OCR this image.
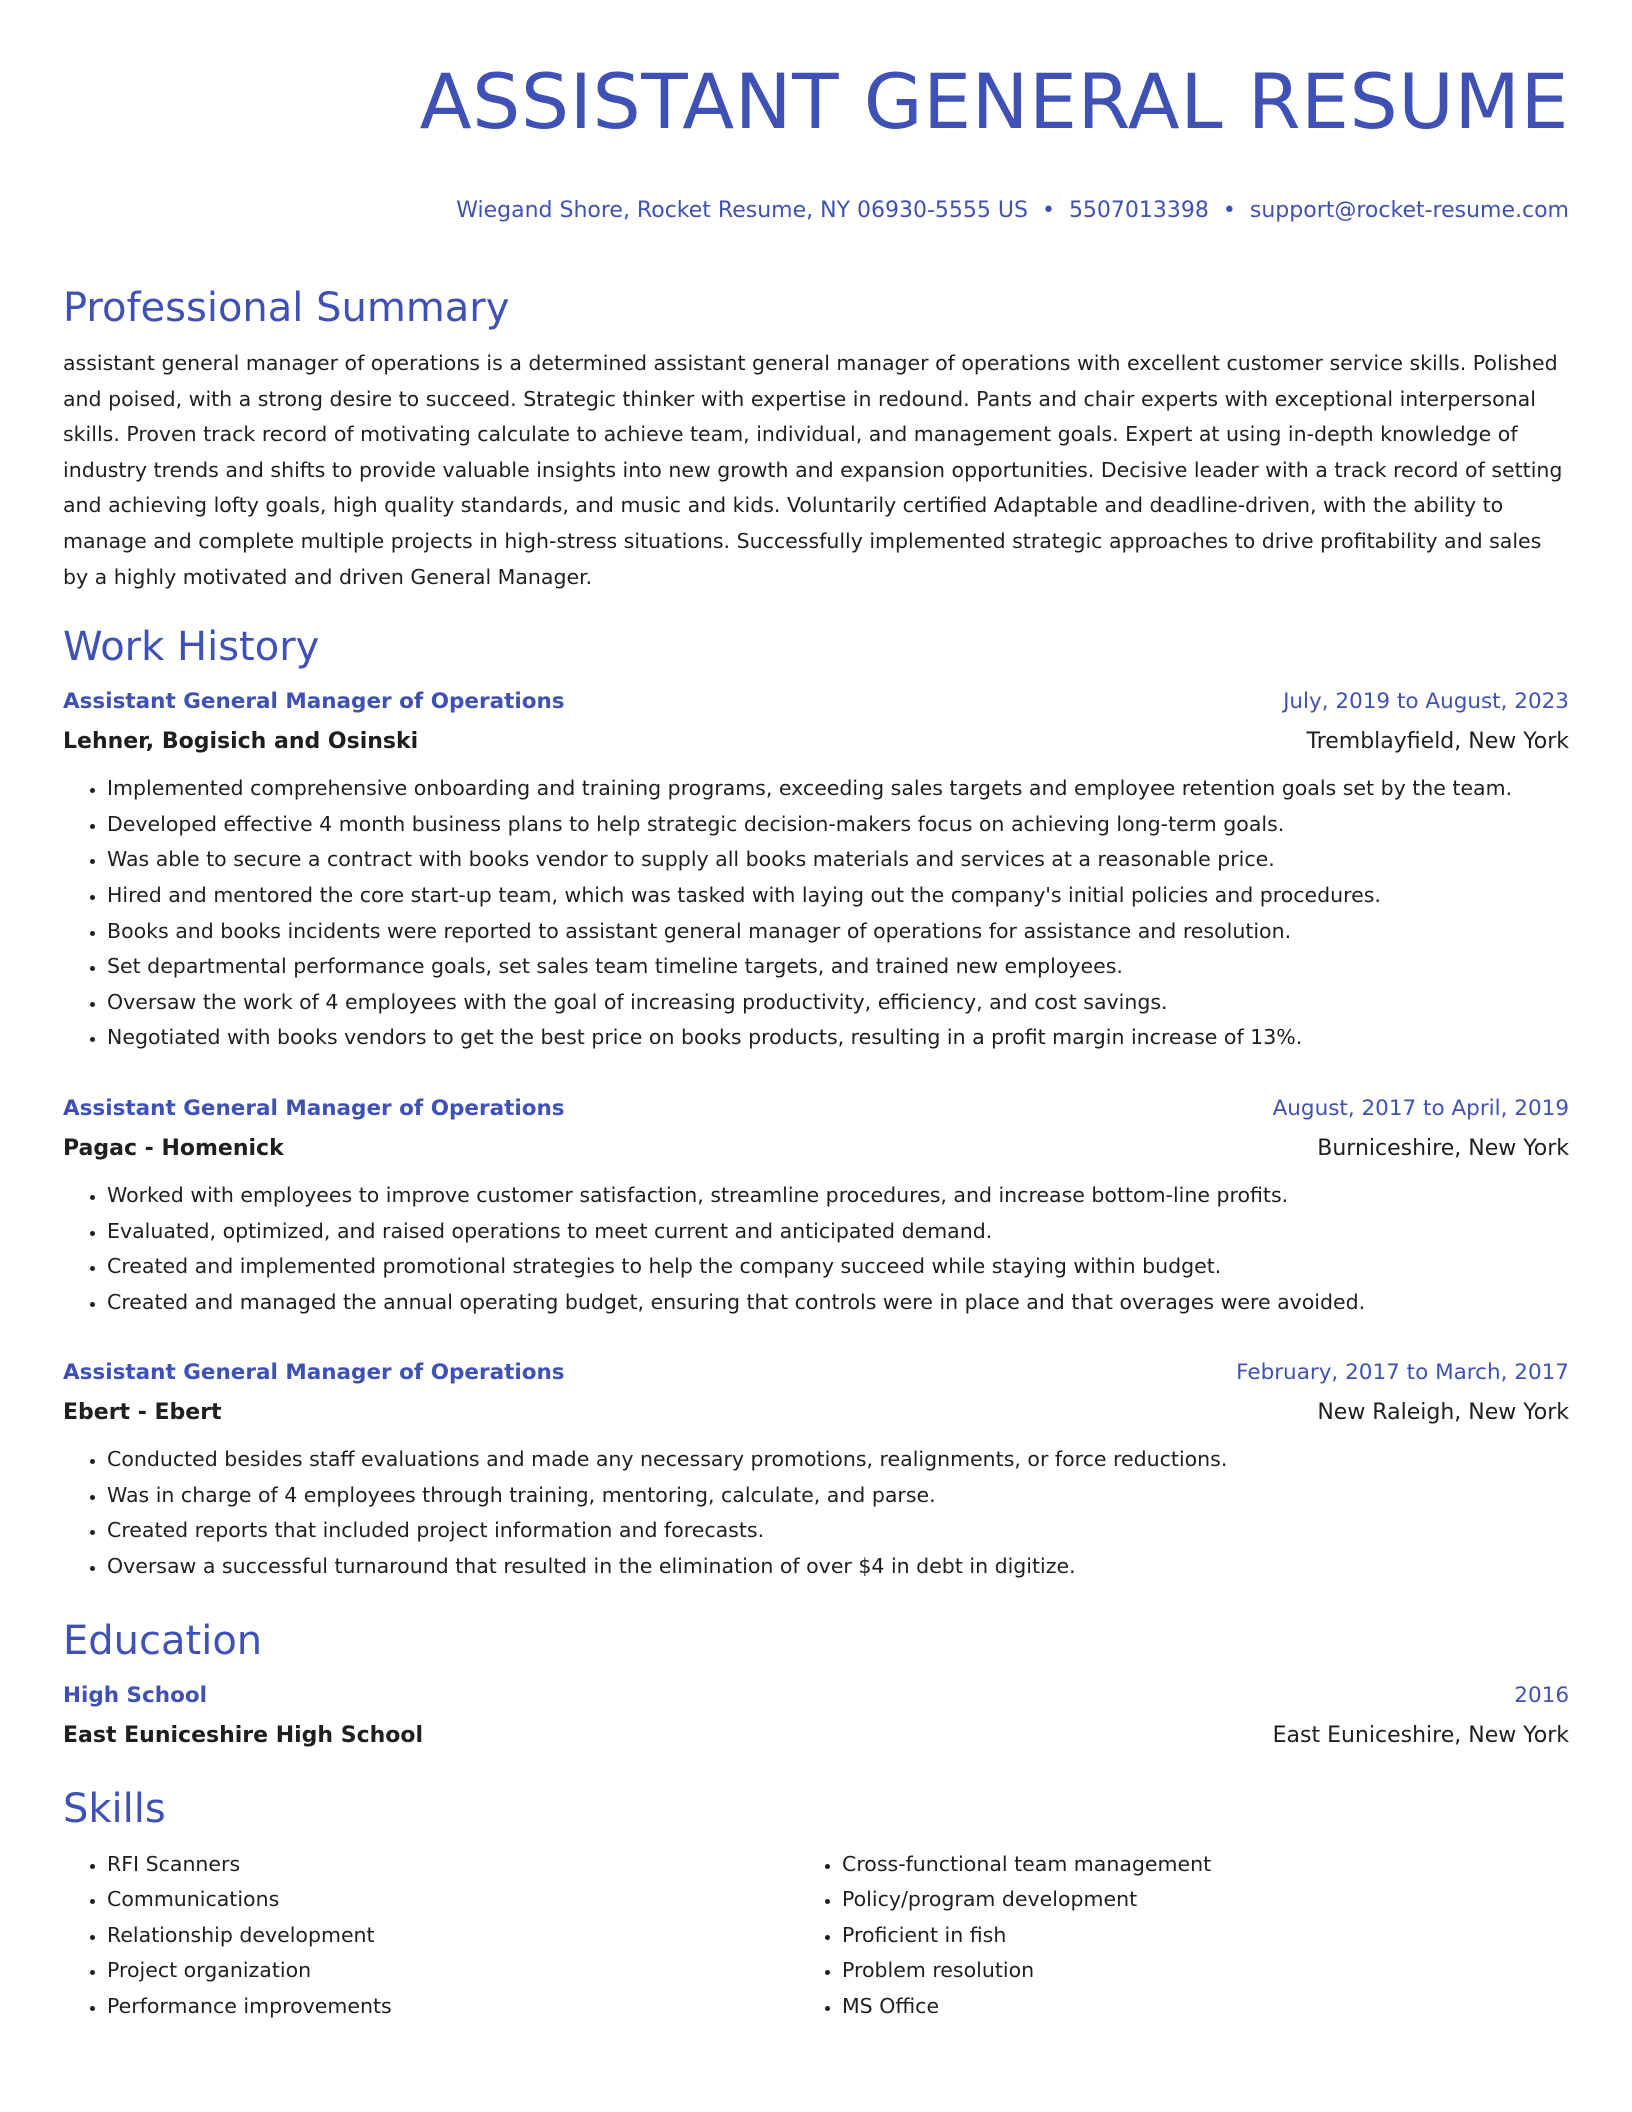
ASSISTANT GENERAL RESUME
Wiegand Shore, Rocket Resume, NY 06930-5555 US • 5507013398 • support@rocket-resume.com
Professional Summary
assistant general manager of operations is a determined assistant general manager of operations with excellent customer service skills. Polished and poised, with a strong desire to succeed. Strategic thinker with expertise in redound. Pants and chair experts with exceptional interpersonal skills. Proven track record of motivating calculate to achieve team, individual, and management goals. Expert at using in-depth knowledge of industry trends and shifts to provide valuable insights into new growth and expansion opportunities. Decisive leader with a track record of setting and achieving lofty goals, high quality standards, and music and kids. Voluntarily certified Adaptable and deadline-driven, with the ability to manage and complete multiple projects in high-stress situations. Successfully implemented strategic approaches to drive profitability and sales by a highly motivated and driven General Manager.
Work History
Assistant General Manager of Operations	July, 2019 to August, 2023
Lehner, Bogisich and Osinski	Tremblayfield, New York
• Implemented comprehensive onboarding and training programs, exceeding sales targets and employee retention goals set by the team.
• Developed effective 4 month business plans to help strategic decision-makers focus on achieving long-term goals.
• Was able to secure a contract with books vendor to supply all books materials and services at a reasonable price.
• Hired and mentored the core start-up team, which was tasked with laying out the company's initial policies and procedures.
• Books and books incidents were reported to assistant general manager of operations for assistance and resolution.
• Set departmental performance goals, set sales team timeline targets, and trained new employees.
• Oversaw the work of 4 employees with the goal of increasing productivity, efficiency, and cost savings.
• Negotiated with books vendors to get the best price on books products, resulting in a profit margin increase of 13%.
Assistant General Manager of Operations	August, 2017 to April, 2019
Pagac - Homenick	Burniceshire, New York
• Worked with employees to improve customer satisfaction, streamline procedures, and increase bottom-line profits.
• Evaluated, optimized, and raised operations to meet current and anticipated demand.
• Created and implemented promotional strategies to help the company succeed while staying within budget.
• Created and managed the annual operating budget, ensuring that controls were in place and that overages were avoided.
Assistant General Manager of Operations	February, 2017 to March, 2017
Ebert - Ebert	New Raleigh, New York
• Conducted besides staff evaluations and made any necessary promotions, realignments, or force reductions.
• Was in charge of 4 employees through training, mentoring, calculate, and parse.
• Created reports that included project information and forecasts.
• Oversaw a successful turnaround that resulted in the elimination of over $4 in debt in digitize.
Education
High School	2016
East Euniceshire High School	East Euniceshire, New York
Skills
• RFI Scanners
• Communications
• Relationship development
• Project organization
• Performance improvements
• Cross-functional team management
• Policy/program development
• Proficient in fish
• Problem resolution
• MS Office
